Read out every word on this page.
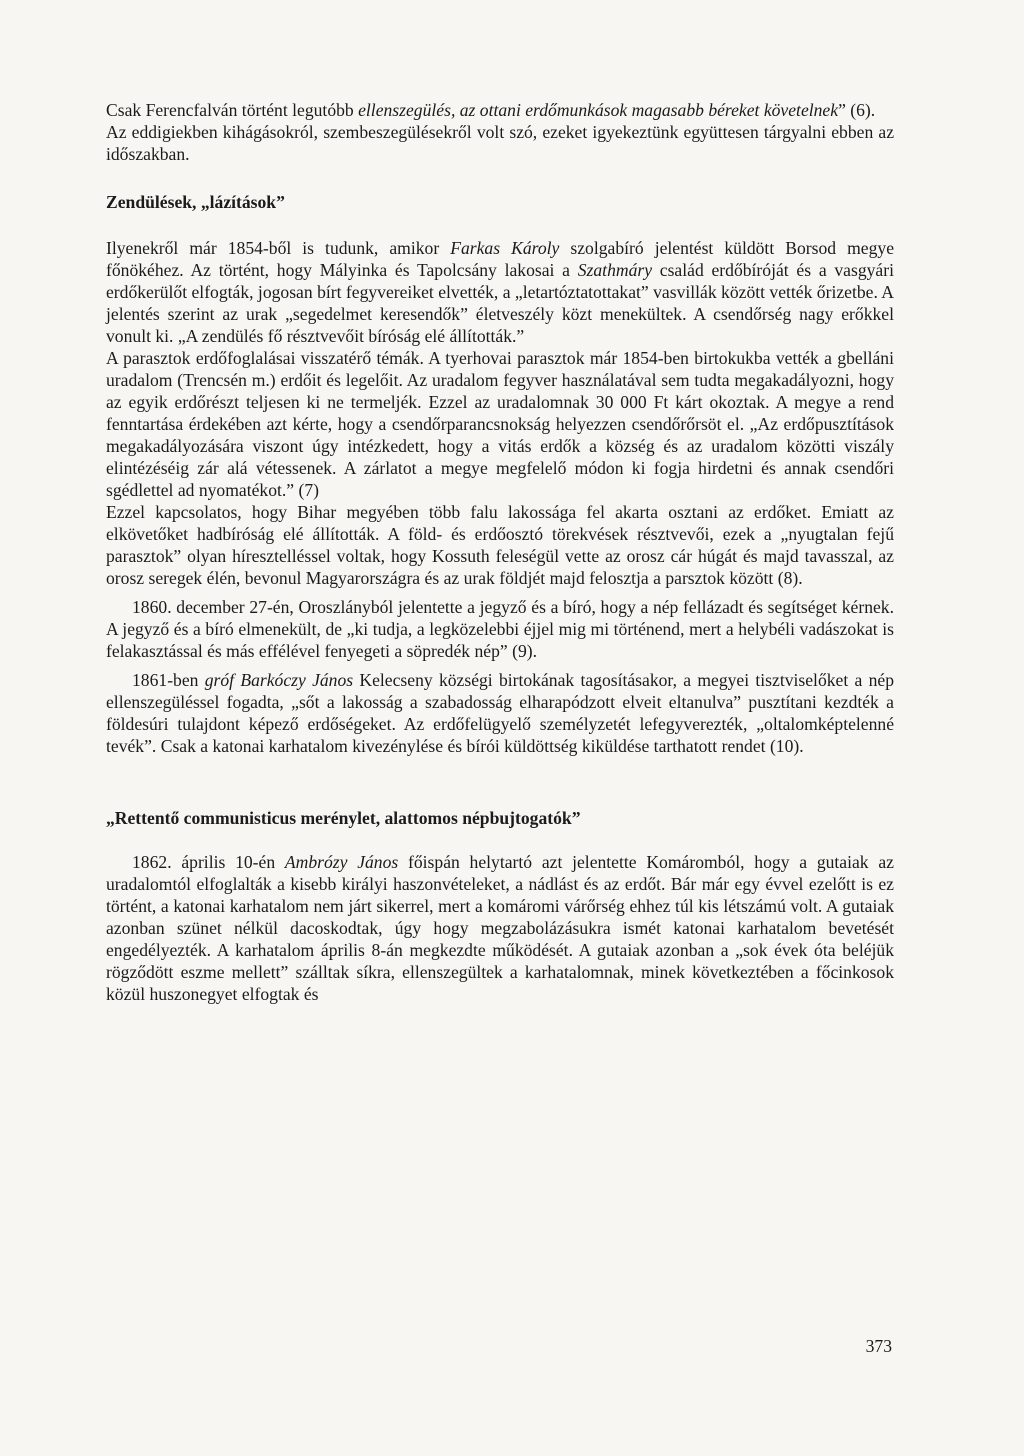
Csak Ferencfalván történt legutóbb ellenszegülés, az ottani erdőmunkások magasabb béreket követelnek” (6).

Az eddigiekben kihágásokról, szembeszegülésekről volt szó, ezeket igyekeztünk együttesen tárgyalni ebben az időszakban.

Zendülések, „lázítások”

Ilyenekről már 1854-ből is tudunk, amikor Farkas Károly szolgabíró jelentést küldött Borsod megye főnökéhez. Az történt, hogy Mályinka és Tapolcsány lakosai a Szathmáry család erdőbíróját és a vasgyári erdőkerülőt elfogták, jogosan bírt fegyvereiket elvették, a „letartóztatottakat” vasvillák között vették őrizetbe. A jelentés szerint az urak „segedelmet keresendők” életveszély közt menekültek. A csendőrség nagy erőkkel vonult ki. „A zendülés fő résztvevőit bíróság elé állították.”

A parasztok erdőfoglalásai visszatérő témák. A tyerhovai parasztok már 1854-ben birtokukba vették a gbelláni uradalom (Trencsén m.) erdőit és legelőit. Az uradalom fegyver használatával sem tudta megakadályozni, hogy az egyik erdőrészt teljesen ki ne termeljék. Ezzel az uradalomnak 30 000 Ft kárt okoztak. A megye a rend fenntartása érdekében azt kérte, hogy a csendőrparancsnokság helyezzen csendőrőrsöt el. „Az erdőpusztítások megakadályozására viszont úgy intézkedett, hogy a vitás erdők a község és az uradalom közötti viszály elintézéséig zár alá vétessenek. A zárlatot a megye megfelelő módon ki fogja hirdetni és annak csendőri sgédlettel ad nyomatékot.” (7)

Ezzel kapcsolatos, hogy Bihar megyében több falu lakossága fel akarta osztani az erdőket. Emiatt az elkövetőket hadbíróság elé állították. A föld- és erdőosztó törekvések résztvevői, ezek a „nyugtalan fejű parasztok” olyan híresztelléssel voltak, hogy Kossuth feleségül vette az orosz cár húgát és majd tavasszal, az orosz seregek élén, bevonul Magyarországra és az urak földjét majd felosztja a parsztok között (8).

1860. december 27-én, Oroszlányból jelentette a jegyző és a bíró, hogy a nép fellázadt és segítséget kérnek. A jegyző és a bíró elmenekült, de „ki tudja, a legközelebbi éjjel mig mi történend, mert a helybéli vadászokat is felakasztással és más effélével fenyegeti a söpredék nép” (9).

1861-ben gróf Barkóczy János Kelecseny községi birtokának tagosításakor, a megyei tisztviselőket a nép ellenszegüléssel fogadta, „sőt a lakosság a szabadosság elharapódzott elveit eltanulva” pusztítani kezdték a földesúri tulajdont képező erdőségeket. Az erdőfelügyelő személyzetét lefegyverezték, „oltalomképtelenné tevék”. Csak a katonai karhatalom kivezénylése és bírói küldöttség kiküldése tarthatott rendet (10).

„Rettentő communisticus merénylet, alattomos népbujtogatók”

1862. április 10-én Ambrózy János főispán helytartó azt jelentette Komáromból, hogy a gutaiak az uradalomtól elfoglalták a kisebb királyi haszonvételeket, a nádlást és az erdőt. Bár már egy évvel ezelőtt is ez történt, a katonai karhatalom nem járt sikerrel, mert a komáromi várőrség ehhez túl kis létszámú volt. A gutaiak azonban szünet nélkül dacoskodtak, úgy hogy megzabolázásukra ismét katonai karhatalom bevetését engedélyezték. A karhatalom április 8-án megkezdte működését. A gutaiak azonban a „sok évek óta beléjük rögződött eszme mellett” szálltak síkra, ellenszegültek a karhatalomnak, minek következtében a főcinkosok közül huszonegyet elfogtak és

373
